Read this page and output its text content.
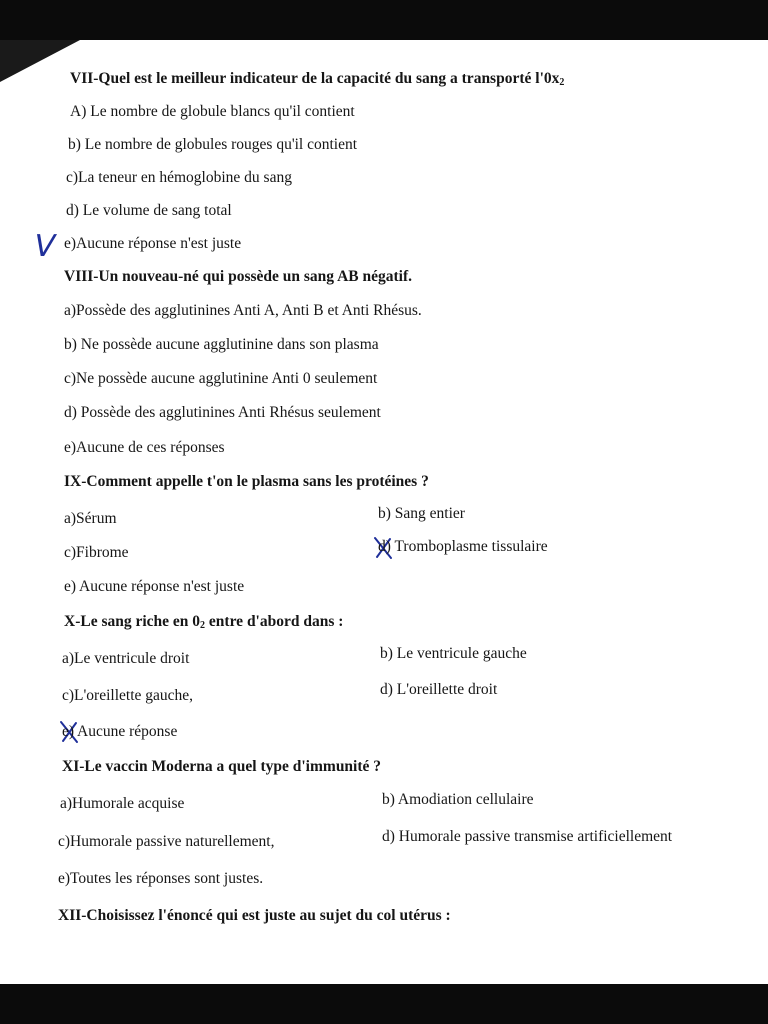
VII-Quel est le meilleur indicateur de la capacité du sang a transporté $l'0x_2$
A) Le nombre de globule blancs qu'il contient
b) Le nombre de globules rouges qu'il contient
c)La teneur en hémoglobine du sang
d) Le volume de sang total
V e)Aucune réponse n'est juste
VIII-Un nouveau-né qui possède un sang AB négatif.
a)Possède des agglutinines Anti A, Anti B et Anti Rhésus.
b) Ne possède aucune agglutinine dans son plasma
c)Ne possède aucune agglutinine Anti 0 seulement
d) Possède des agglutinines Anti Rhésus seulement
e)Aucune de ces réponses
IX-Comment appelle t'on le plasma sans les protéines ?
a)Sérum	b) Sang entier
c)Fibrome	d) Tromboplasme tissulaire
e) Aucune réponse n'est juste
X-Le sang riche en $0_2$ entre d'abord dans :
a)Le ventricule droit	b) Le ventricule gauche
c)L'oreillette gauche,	d) L'oreillette droit
e) Aucune réponse
XI-Le vaccin Moderna a quel type d'immunité ?
a)Humorale acquise	b) Amodiation cellulaire
c)Humorale passive naturellement,	d) Humorale passive transmise artificiellement
e)Toutes les réponses sont justes.
XII-Choisissez l'énoncé qui est juste au sujet du col utérus :
